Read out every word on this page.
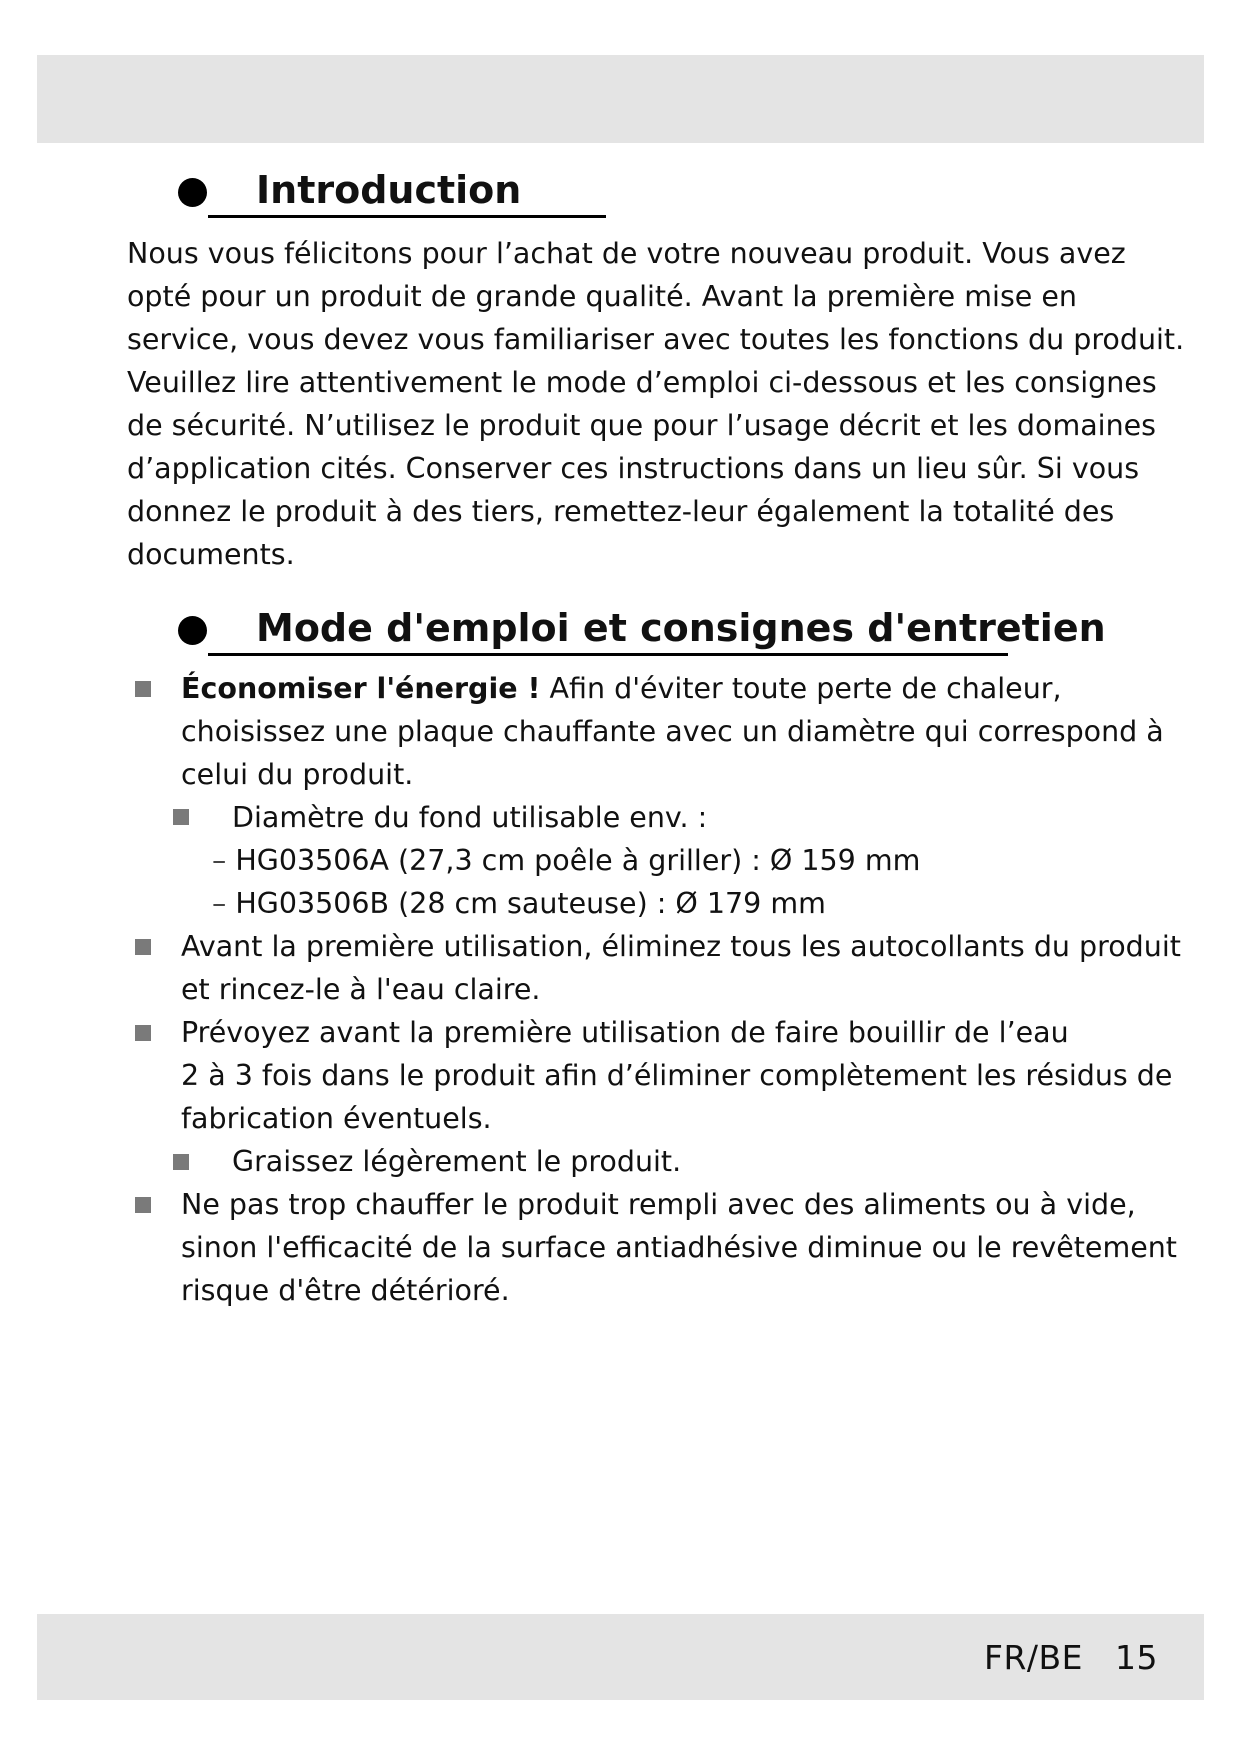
Introduction
Nous vous félicitons pour l’achat de votre nouveau produit. Vous avez
opté pour un produit de grande qualité. Avant la première mise en
service, vous devez vous familiariser avec toutes les fonctions du produit.
Veuillez lire attentivement le mode d’emploi ci-dessous et les consignes
de sécurité. N’utilisez le produit que pour l’usage décrit et les domaines
d’application cités. Conserver ces instructions dans un lieu sûr. Si vous
donnez le produit à des tiers, remettez-leur également la totalité des
documents.
Mode d'emploi et consignes d'entretien
Économiser l'énergie ! Afin d'éviter toute perte de chaleur,
choisissez une plaque chauffante avec un diamètre qui correspond à
celui du produit.
Diamètre du fond utilisable env. :
– HG03506A (27,3 cm poêle à griller) : Ø 159 mm
– HG03506B (28 cm sauteuse) : Ø 179 mm
Avant la première utilisation, éliminez tous les autocollants du produit
et rincez-le à l'eau claire.
Prévoyez avant la première utilisation de faire bouillir de l’eau
2 à 3 fois dans le produit afin d’éliminer complètement les résidus de
fabrication éventuels.
Graissez légèrement le produit.
Ne pas trop chauffer le produit rempli avec des aliments ou à vide,
sinon l'efficacité de la surface antiadhésive diminue ou le revêtement
risque d'être détérioré.
FR/BE 15
